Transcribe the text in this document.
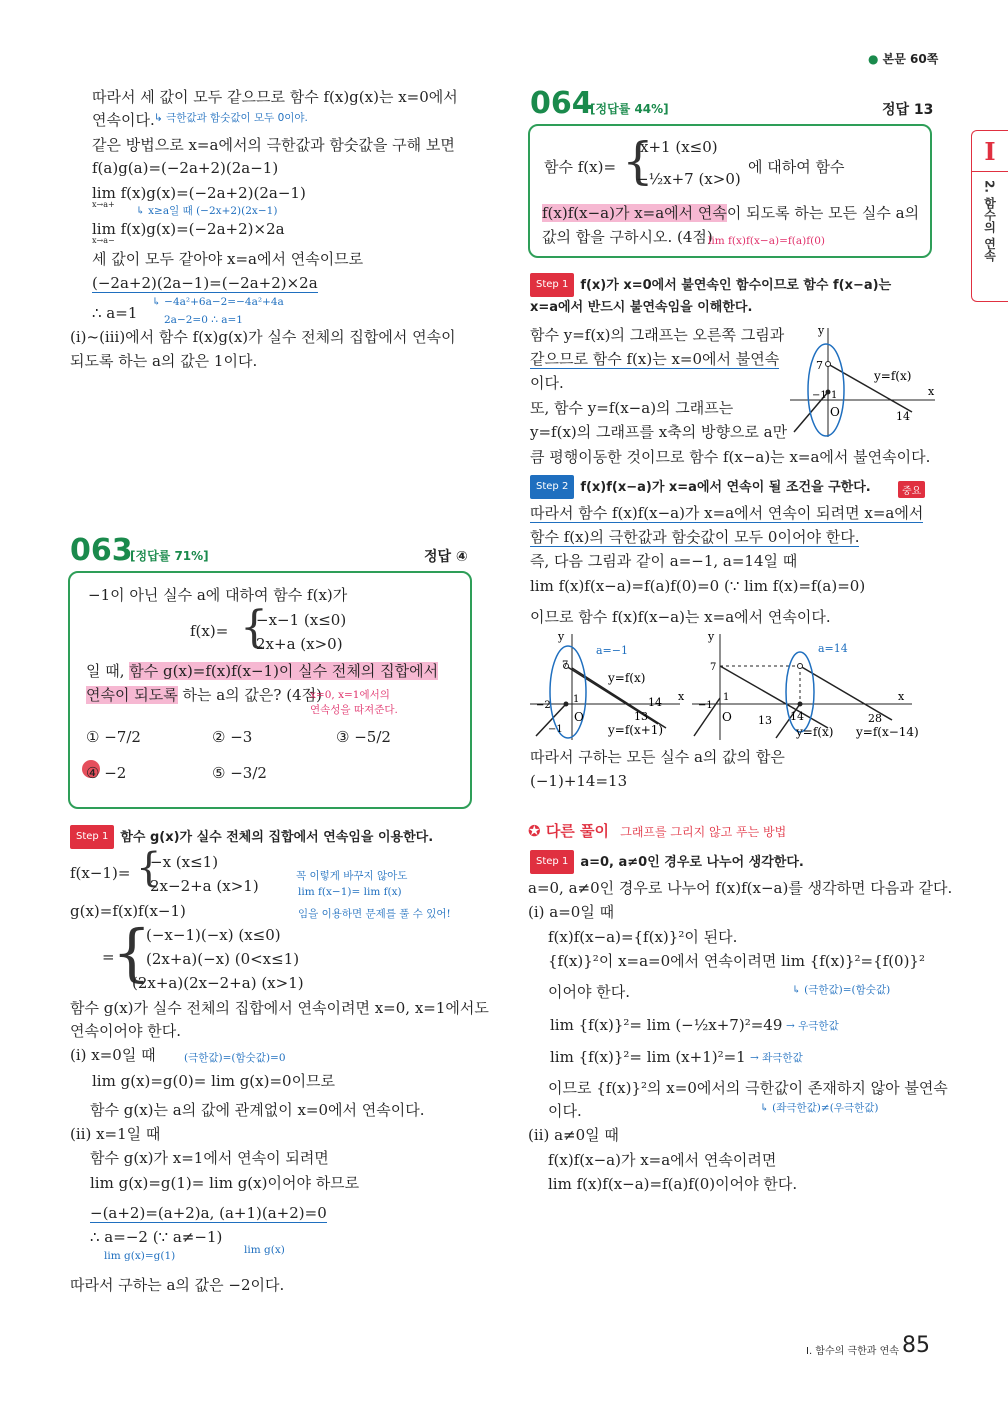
● 본문 60쪽
I
2. 함수의 연속
따라서 세 값이 모두 같으므로 함수 f(x)g(x)는 x=0에서
연속이다. ↳ 극한값과 함숫값이 모두 0이야.
같은 방법으로 x=a에서의 극한값과 함숫값을 구해 보면
f(a)g(a)=(−2a+2)(2a−1)
lim f(x)g(x)=(−2a+2)(2a−1)
x→a+
↳ x≥a일 때 (−2x+2)(2x−1)
lim f(x)g(x)=(−2a+2)×2a
x→a−
세 값이 모두 같아야 x=a에서 연속이므로
(−2a+2)(2a−1)=(−2a+2)×2a
↳ −4a²+6a−2=−4a²+4a
∴ a=1	2a−2=0 ∴ a=1
(ⅰ)~(ⅲ)에서 함수 f(x)g(x)가 실수 전체의 집합에서 연속이
되도록 하는 a의 값은 1이다.
063
[정답률 71%]	정답 ④
−1이 아닌 실수 a에 대하여 함수 f(x)가
f(x)= {
−x−1 (x≤0)
2x+a (x>0)
일 때, 함수 g(x)=f(x)f(x−1)이 실수 전체의 집합에서
연속이 되도록 하는 a의 값은? (4점)
x=0, x=1에서의 연속성을 따져준다.
① −7/2	② −3	③ −5/2
④ −2	⑤ −3/2
Step 1 함수 g(x)가 실수 전체의 집합에서 연속임을 이용한다.
f(x−1)= {
−x (x≤1)
2x−2+a (x>1)
꼭 이렇게 바꾸지 않아도
lim f(x−1)= lim f(x)
임을 이용하면 문제를 풀 수 있어!
g(x)=f(x)f(x−1)
{
=
(−x−1)(−x) (x≤0)
(2x+a)(−x) (0<x≤1)
(2x+a)(2x−2+a) (x>1)
함수 g(x)가 실수 전체의 집합에서 연속이려면 x=0, x=1에서도
연속이어야 한다.
(ⅰ) x=0일 때	(극한값)=(함숫값)=0
lim g(x)=g(0)= lim g(x)=0이므로
함수 g(x)는 a의 값에 관계없이 x=0에서 연속이다.
(ⅱ) x=1일 때
함수 g(x)가 x=1에서 연속이 되려면
lim g(x)=g(1)= lim g(x)이어야 하므로
−(a+2)=(a+2)a, (a+1)(a+2)=0
∴ a=−2 (∵ a≠−1)
lim g(x)=g(1)	lim g(x)
따라서 구하는 a의 값은 −2이다.
064
[정답률 44%]	정답 13
함수 f(x)= {
x+1 (x≤0)
−½x+7 (x>0)
에 대하여 함수
f(x)f(x−a)가 x=a에서 연속이 되도록 하는 모든 실수 a의
값의 합을 구하시오. (4점)
lim f(x)f(x−a)=f(a)f(0)
Step 1 f(x)가 x=0에서 불연속인 함수이므로 함수 f(x−a)는
x=a에서 반드시 불연속임을 이해한다.
함수 y=f(x)의 그래프는 오른쪽 그림과
같으므로 함수 f(x)는 x=0에서 불연속
이다.
또, 함수 y=f(x−a)의 그래프는
y=f(x)의 그래프를 x축의 방향으로 a만
큼 평행이동한 것이므로 함수 f(x−a)는 x=a에서 불연속이다.
y
x
7
−1 1
O	14
y=f(x)
Step 2 f(x)f(x−a)가 x=a에서 연속이 될 조건을 구한다.	중요
따라서 함수 f(x)f(x−a)가 x=a에서 연속이 되려면 x=a에서
함수 f(x)의 극한값과 함숫값이 모두 0이어야 한다.
즉, 다음 그림과 같이 a=−1, a=14일 때
lim f(x)f(x−a)=f(a)f(0)=0 (∵ lim f(x)=f(a)=0)
이므로 함수 f(x)f(x−a)는 x=a에서 연속이다.
y
x
a=−1
y=f(x)
7
−2
−1
1
O	13
14
y=f(x+1)
y
x
a=14
7
−1
1
O 13 14	28
y=f(x) y=f(x−14)
따라서 구하는 모든 실수 a의 값의 합은
(−1)+14=13
✪ 다른 풀이 그래프를 그리지 않고 푸는 방법
Step 1 a=0, a≠0인 경우로 나누어 생각한다.
a=0, a≠0인 경우로 나누어 f(x)f(x−a)를 생각하면 다음과 같다.
(ⅰ) a=0일 때
f(x)f(x−a)={f(x)}²이 된다.
{f(x)}²이 x=a=0에서 연속이려면 lim {f(x)}²={f(0)}²
이어야 한다.	↳ (극한값)=(함숫값)
lim {f(x)}²= lim (−½x+7)²=49 → 우극한값
lim {f(x)}²= lim (x+1)²=1 → 좌극한값
이므로 {f(x)}²의 x=0에서의 극한값이 존재하지 않아 불연속
이다.	↳ (좌극한값)≠(우극한값)
(ⅱ) a≠0일 때
f(x)f(x−a)가 x=a에서 연속이려면
lim f(x)f(x−a)=f(a)f(0)이어야 한다.
Ⅰ. 함수의 극한과 연속 85
